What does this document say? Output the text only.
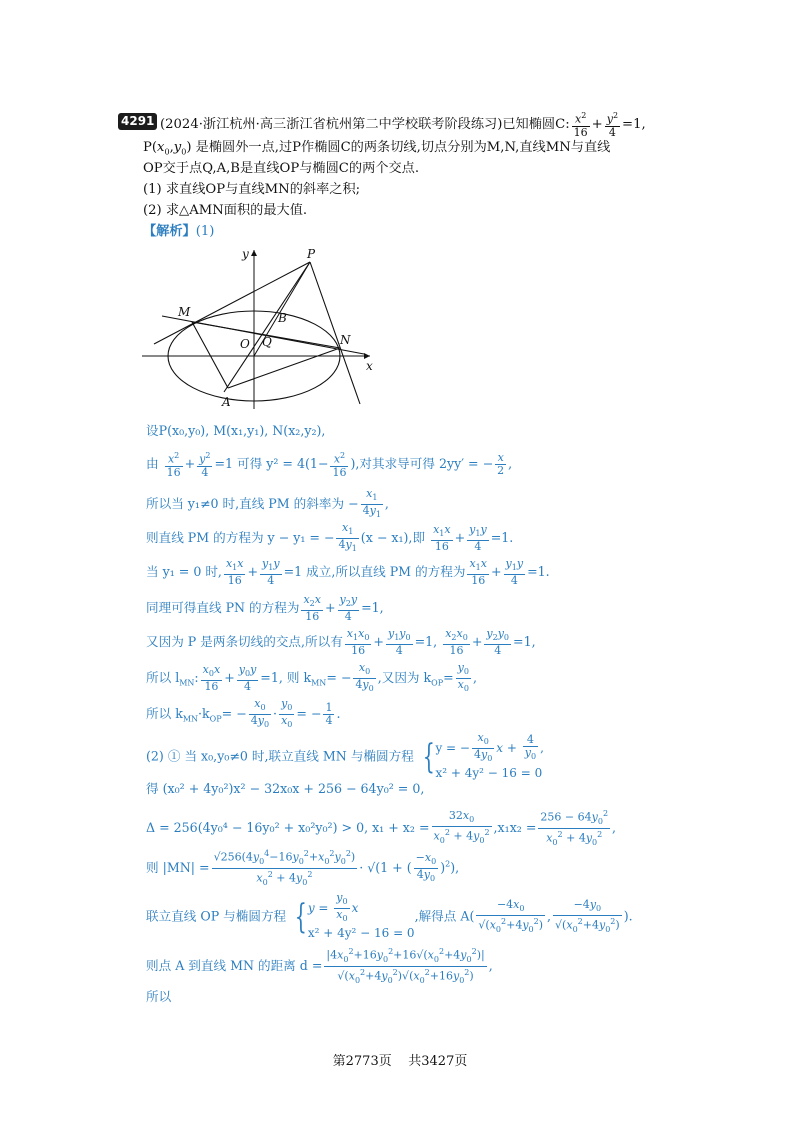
4291 (2024·浙江杭州·高三浙江省杭州第二中学校联考阶段练习)已知椭圆C: $\frac{x^2}{16} + \frac{y^2}{4} =1$,
$P(x_0,y_0)$ 是椭圆外一点,过P作椭圆C的两条切线,切点分别为M,N,直线MN与直线
OP交于点Q,A,B是直线OP与椭圆C的两个交点.
(1) 求直线OP与直线MN的斜率之积;
(2) 求△AMN面积的最大值.
【解析】(1)
y
x
P
M	B
O Q	N
A
设P(x₀,y₀), M(x₁,y₁), N(x₂,y₂),
由 $\frac{x^2}{16} + \frac{y^2}{4} =1$ 可得 $y^2 = 4(1- \frac{x^2}{16}$ ),对其求导可得 2yy′ = − $\frac{x}{2}$ ,
所以当 y₁≠0 时,直线 PM 的斜率为 − $\frac{x_1}{4y_1}$ ,
则直线 PM 的方程为 y − y₁ = − $\frac{x_1}{4y_1} (x - x_1)$,即 $\frac{x_1x}{16} + \frac{y_1y}{4} =1$.
当 y₁ = 0 时, $\frac{x_1x}{16} + \frac{y_1y}{4} =1$ 成立,所以直线 PM 的方程为 $\frac{x_1x}{16} + \frac{y_1y}{4} =1$.
同理可得直线 PN 的方程为 $\frac{x_2x}{16} + \frac{y_2y}{4} =1$,
又因为 P 是两条切线的交点,所以有 $\frac{x_1x_0}{16} + \frac{y_1y_0}{4} =1$, $\frac{x_2x_0}{16} + \frac{y_2y_0}{4} =1$,
所以 $l_{MN}$: $\frac{x_0x}{16} + \frac{y_0y}{4} =1$, 则 $k_{MN}= - \frac{x_0}{4y_0}$ ,又因为 $k_{OP}= \frac{y_0}{x_0}$ ,
所以 $k_{MN}\cdot k_{OP}= - \frac{x_0}{4y_0} \cdot \frac{y_0}{x_0}$ = − $\frac{1}{4}$ .
(2) ① 当 x₀,y₀≠0 时,联立直线 MN 与椭圆方程 {y = − $\frac{x_0}{4y_0}$ $x + \frac{4}{y_0}$ ,
x² + 4y² − 16 = 0
得 (x₀² + 4y₀²)x² − 32x₀x + 256 − 64y₀² = 0,
Δ = 256(4y₀⁴ − 16y₀² + x₀²y₀²) > 0, $x_1 + x_2 = \frac{32x_0}{x_0^2 + 4y_0^2} ,x_1x_2 = \frac{256 - 64y_0^2}{x_0^2 + 4y_0^2}$ ,
则 $|MN| = \frac{√256(4y_0^4-16y_0^2+x_0^2y_0^2)}{x_0^2 + 4y_0^2} \cdot √(1$ + ( $\frac{-x_0}{4y_0} )^2$),
联立直线 OP 与椭圆方程 {$y = \frac{y_0}{x_0}$ x
x² + 4y² − 16 = 0,解得点 $A( \frac{-4x_0}{√(x_0^2+4y_0^2)}$ , $\frac{-4y_0}{√(x_0^2+4y_0^2)}$ ).
则点 A 到直线 MN 的距离 $d = \frac{|4x_0^2+16y_0^2+16√(x_0^2+4y_0^2)|}{√(x_0^2+4y_0^2)√(x_0^2+16y_0^2)}$ ,
所以
第2773页 共3427页
